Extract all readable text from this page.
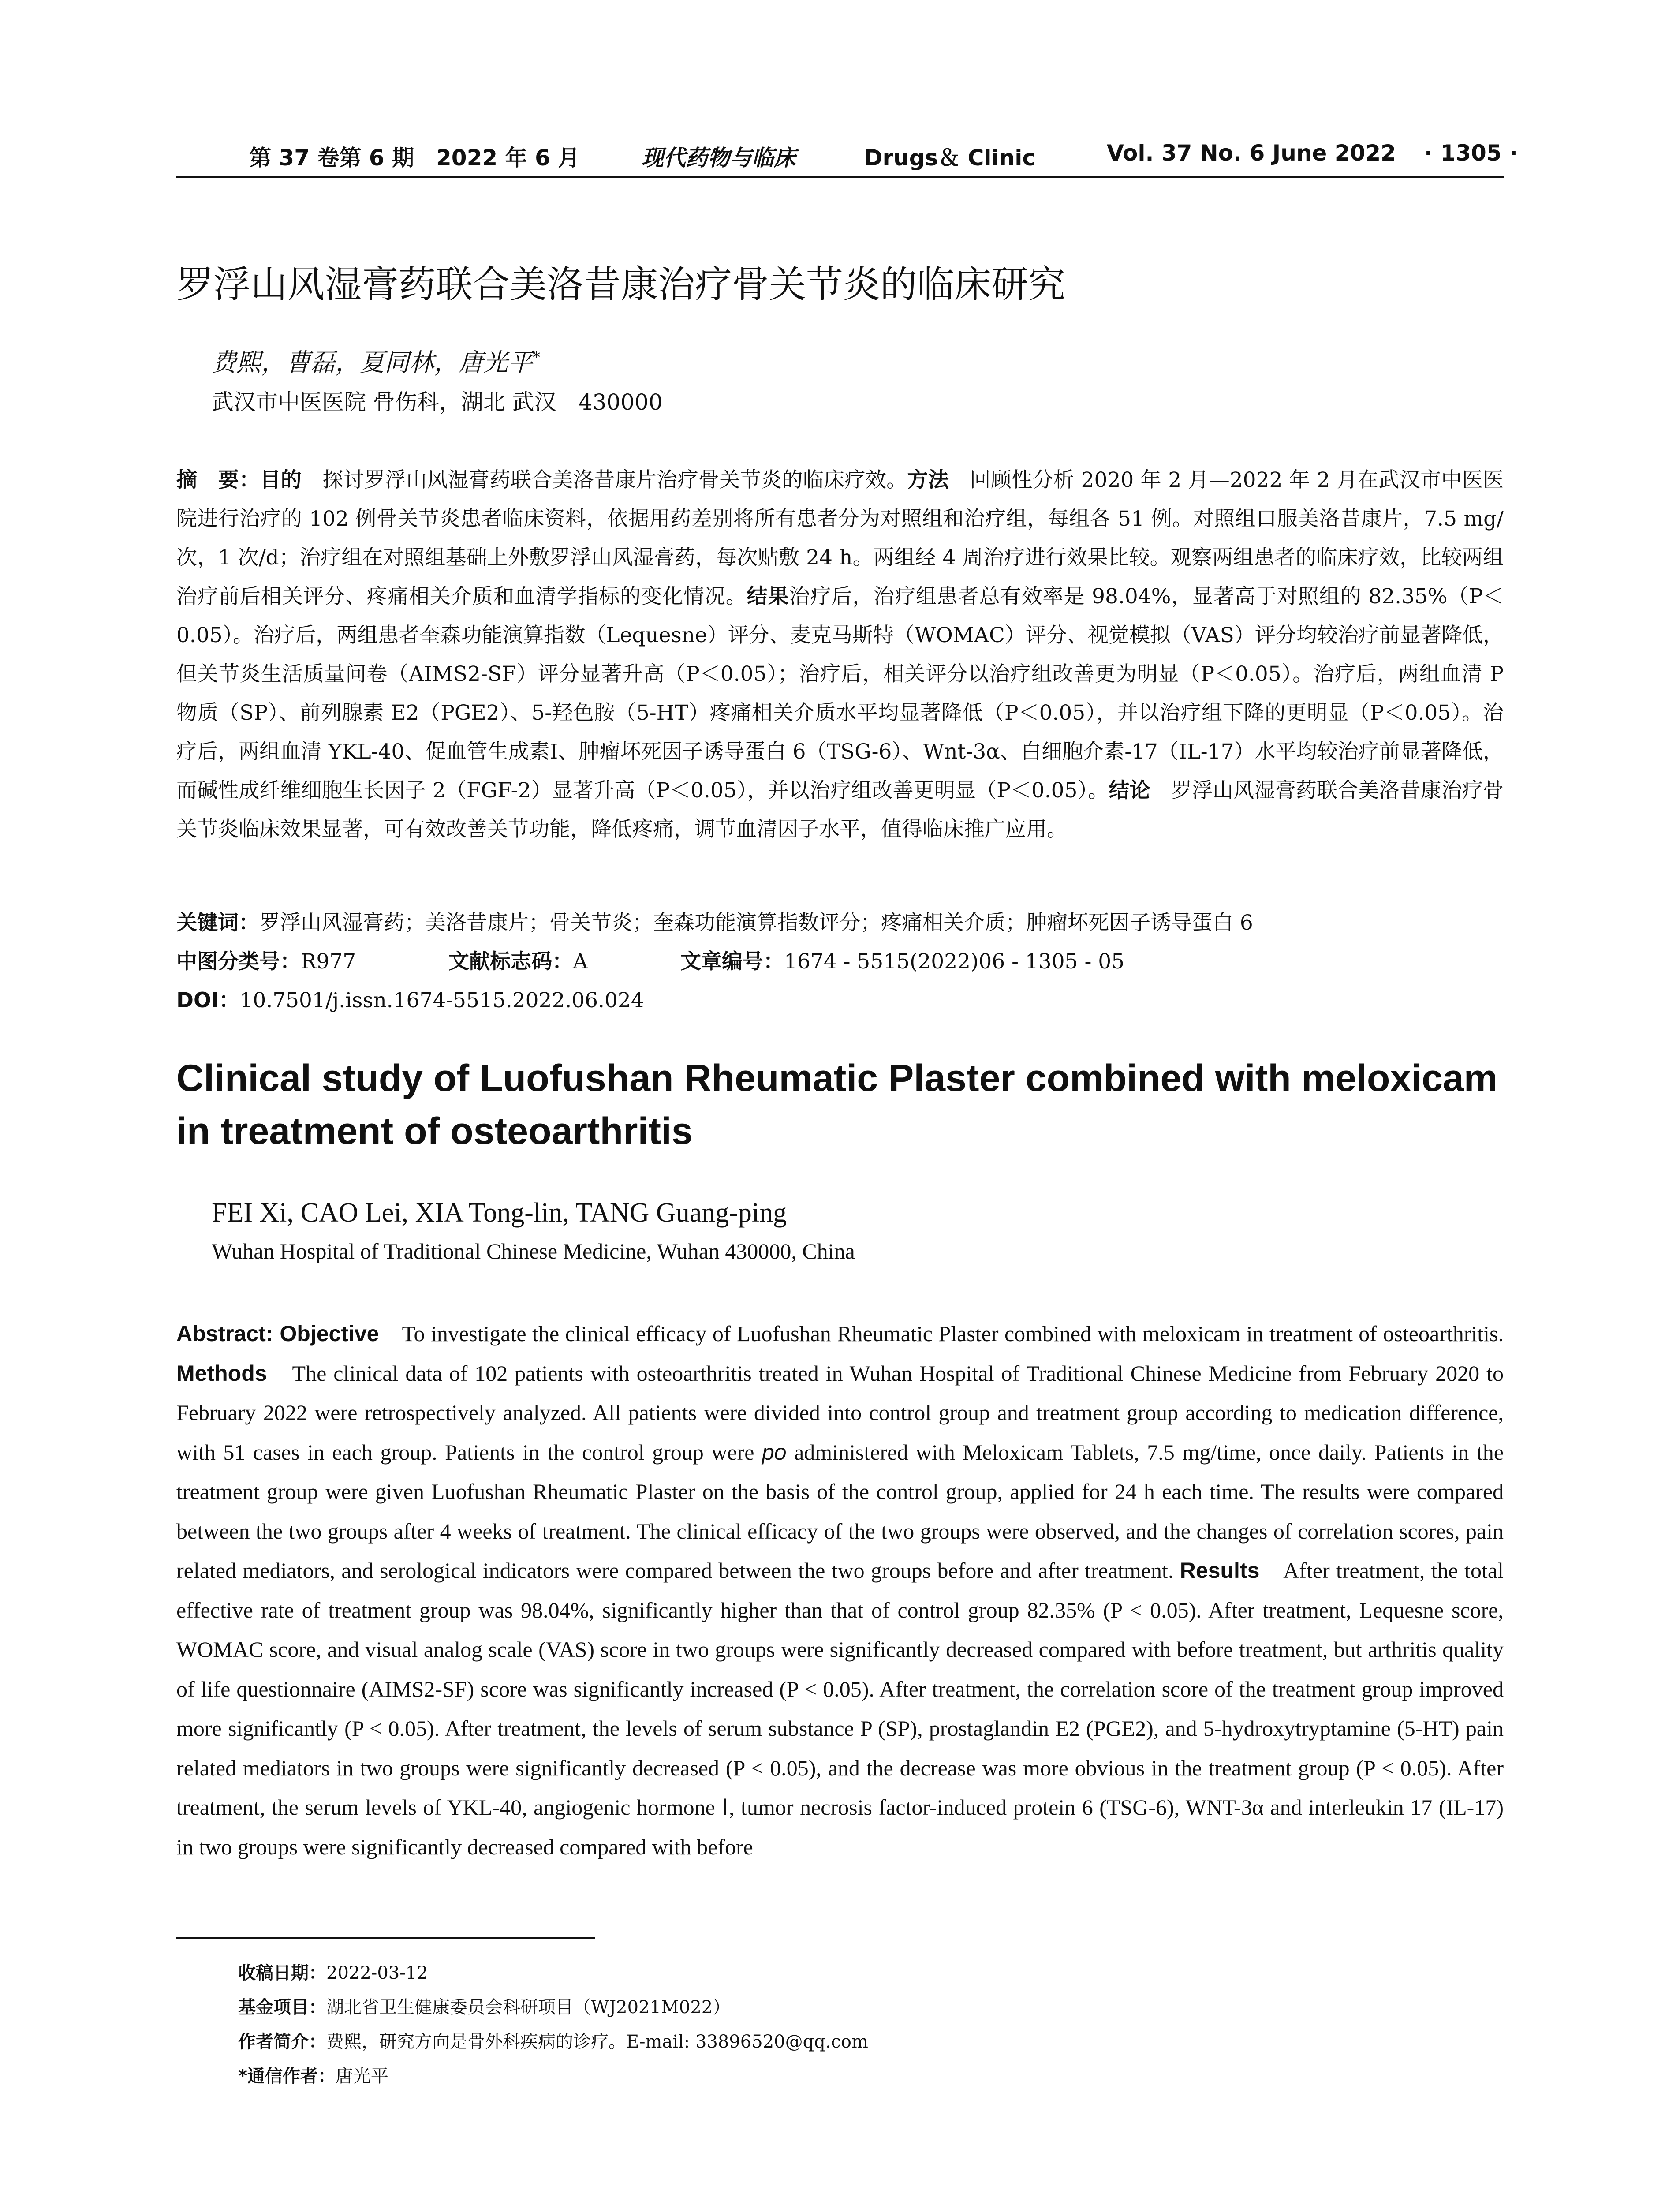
第 37 卷第 6 期　2022 年 6 月	现代药物与临床	Drugs＆ Clinic	Vol. 37 No. 6 June 2022 · 1305 ·
罗浮山风湿膏药联合美洛昔康治疗骨关节炎的临床研究
费熙，曹磊，夏同林，唐光平*
武汉市中医医院 骨伤科，湖北 武汉　430000
摘　要：目的　探讨罗浮山风湿膏药联合美洛昔康片治疗骨关节炎的临床疗效。方法　回顾性分析 2020 年 2 月—2022 年 2 月在武汉市中医医院进行治疗的 102 例骨关节炎患者临床资料，依据用药差别将所有患者分为对照组和治疗组，每组各 51 例。对照组口服美洛昔康片，7.5 mg/次，1 次/d；治疗组在对照组基础上外敷罗浮山风湿膏药，每次贴敷 24 h。两组经 4 周治疗进行效果比较。观察两组患者的临床疗效，比较两组治疗前后相关评分、疼痛相关介质和血清学指标的变化情况。结果治疗后，治疗组患者总有效率是 98.04%，显著高于对照组的 82.35%（P＜0.05）。治疗后，两组患者奎森功能演算指数（Lequesne）评分、麦克马斯特（WOMAC）评分、视觉模拟（VAS）评分均较治疗前显著降低，但关节炎生活质量问卷（AIMS2-SF）评分显著升高（P＜0.05）；治疗后，相关评分以治疗组改善更为明显（P＜0.05）。治疗后，两组血清 P 物质（SP）、前列腺素 E2（PGE2）、5-羟色胺（5-HT）疼痛相关介质水平均显著降低（P＜0.05），并以治疗组下降的更明显（P＜0.05）。治疗后，两组血清 YKL-40、促血管生成素Ⅰ、肿瘤坏死因子诱导蛋白 6（TSG-6）、Wnt-3α、白细胞介素-17（IL-17）水平均较治疗前显著降低，而碱性成纤维细胞生长因子 2（FGF-2）显著升高（P＜0.05），并以治疗组改善更明显（P＜0.05）。结论　罗浮山风湿膏药联合美洛昔康治疗骨关节炎临床效果显著，可有效改善关节功能，降低疼痛，调节血清因子水平，值得临床推广应用。
关键词：罗浮山风湿膏药；美洛昔康片；骨关节炎；奎森功能演算指数评分；疼痛相关介质；肿瘤坏死因子诱导蛋白 6
中图分类号：R977	文献标志码：A	文章编号：1674 - 5515(2022)06 - 1305 - 05
DOI：10.7501/j.issn.1674-5515.2022.06.024
Clinical study of Luofushan Rheumatic Plaster combined with meloxicam in treatment of osteoarthritis
FEI Xi, CAO Lei, XIA Tong-lin, TANG Guang-ping
Wuhan Hospital of Traditional Chinese Medicine, Wuhan 430000, China
Abstract: Objective　To investigate the clinical efficacy of Luofushan Rheumatic Plaster combined with meloxicam in treatment of osteoarthritis. Methods　The clinical data of 102 patients with osteoarthritis treated in Wuhan Hospital of Traditional Chinese Medicine from February 2020 to February 2022 were retrospectively analyzed. All patients were divided into control group and treatment group according to medication difference, with 51 cases in each group. Patients in the control group were po administered with Meloxicam Tablets, 7.5 mg/time, once daily. Patients in the treatment group were given Luofushan Rheumatic Plaster on the basis of the control group, applied for 24 h each time. The results were compared between the two groups after 4 weeks of treatment. The clinical efficacy of the two groups were observed, and the changes of correlation scores, pain related mediators, and serological indicators were compared between the two groups before and after treatment. Results　After treatment, the total effective rate of treatment group was 98.04%, significantly higher than that of control group 82.35% (P < 0.05). After treatment, Lequesne score, WOMAC score, and visual analog scale (VAS) score in two groups were significantly decreased compared with before treatment, but arthritis quality of life questionnaire (AIMS2-SF) score was significantly increased (P < 0.05). After treatment, the correlation score of the treatment group improved more significantly (P < 0.05). After treatment, the levels of serum substance P (SP), prostaglandin E2 (PGE2), and 5-hydroxytryptamine (5-HT) pain related mediators in two groups were significantly decreased (P < 0.05), and the decrease was more obvious in the treatment group (P < 0.05). After treatment, the serum levels of YKL-40, angiogenic hormone Ⅰ, tumor necrosis factor-induced protein 6 (TSG-6), WNT-3α and interleukin 17 (IL-17) in two groups were significantly decreased compared with before
收稿日期：2022-03-12
基金项目：湖北省卫生健康委员会科研项目（WJ2021M022）
作者简介：费熙，研究方向是骨外科疾病的诊疗。E-mail: 33896520@qq.com
*通信作者：唐光平
